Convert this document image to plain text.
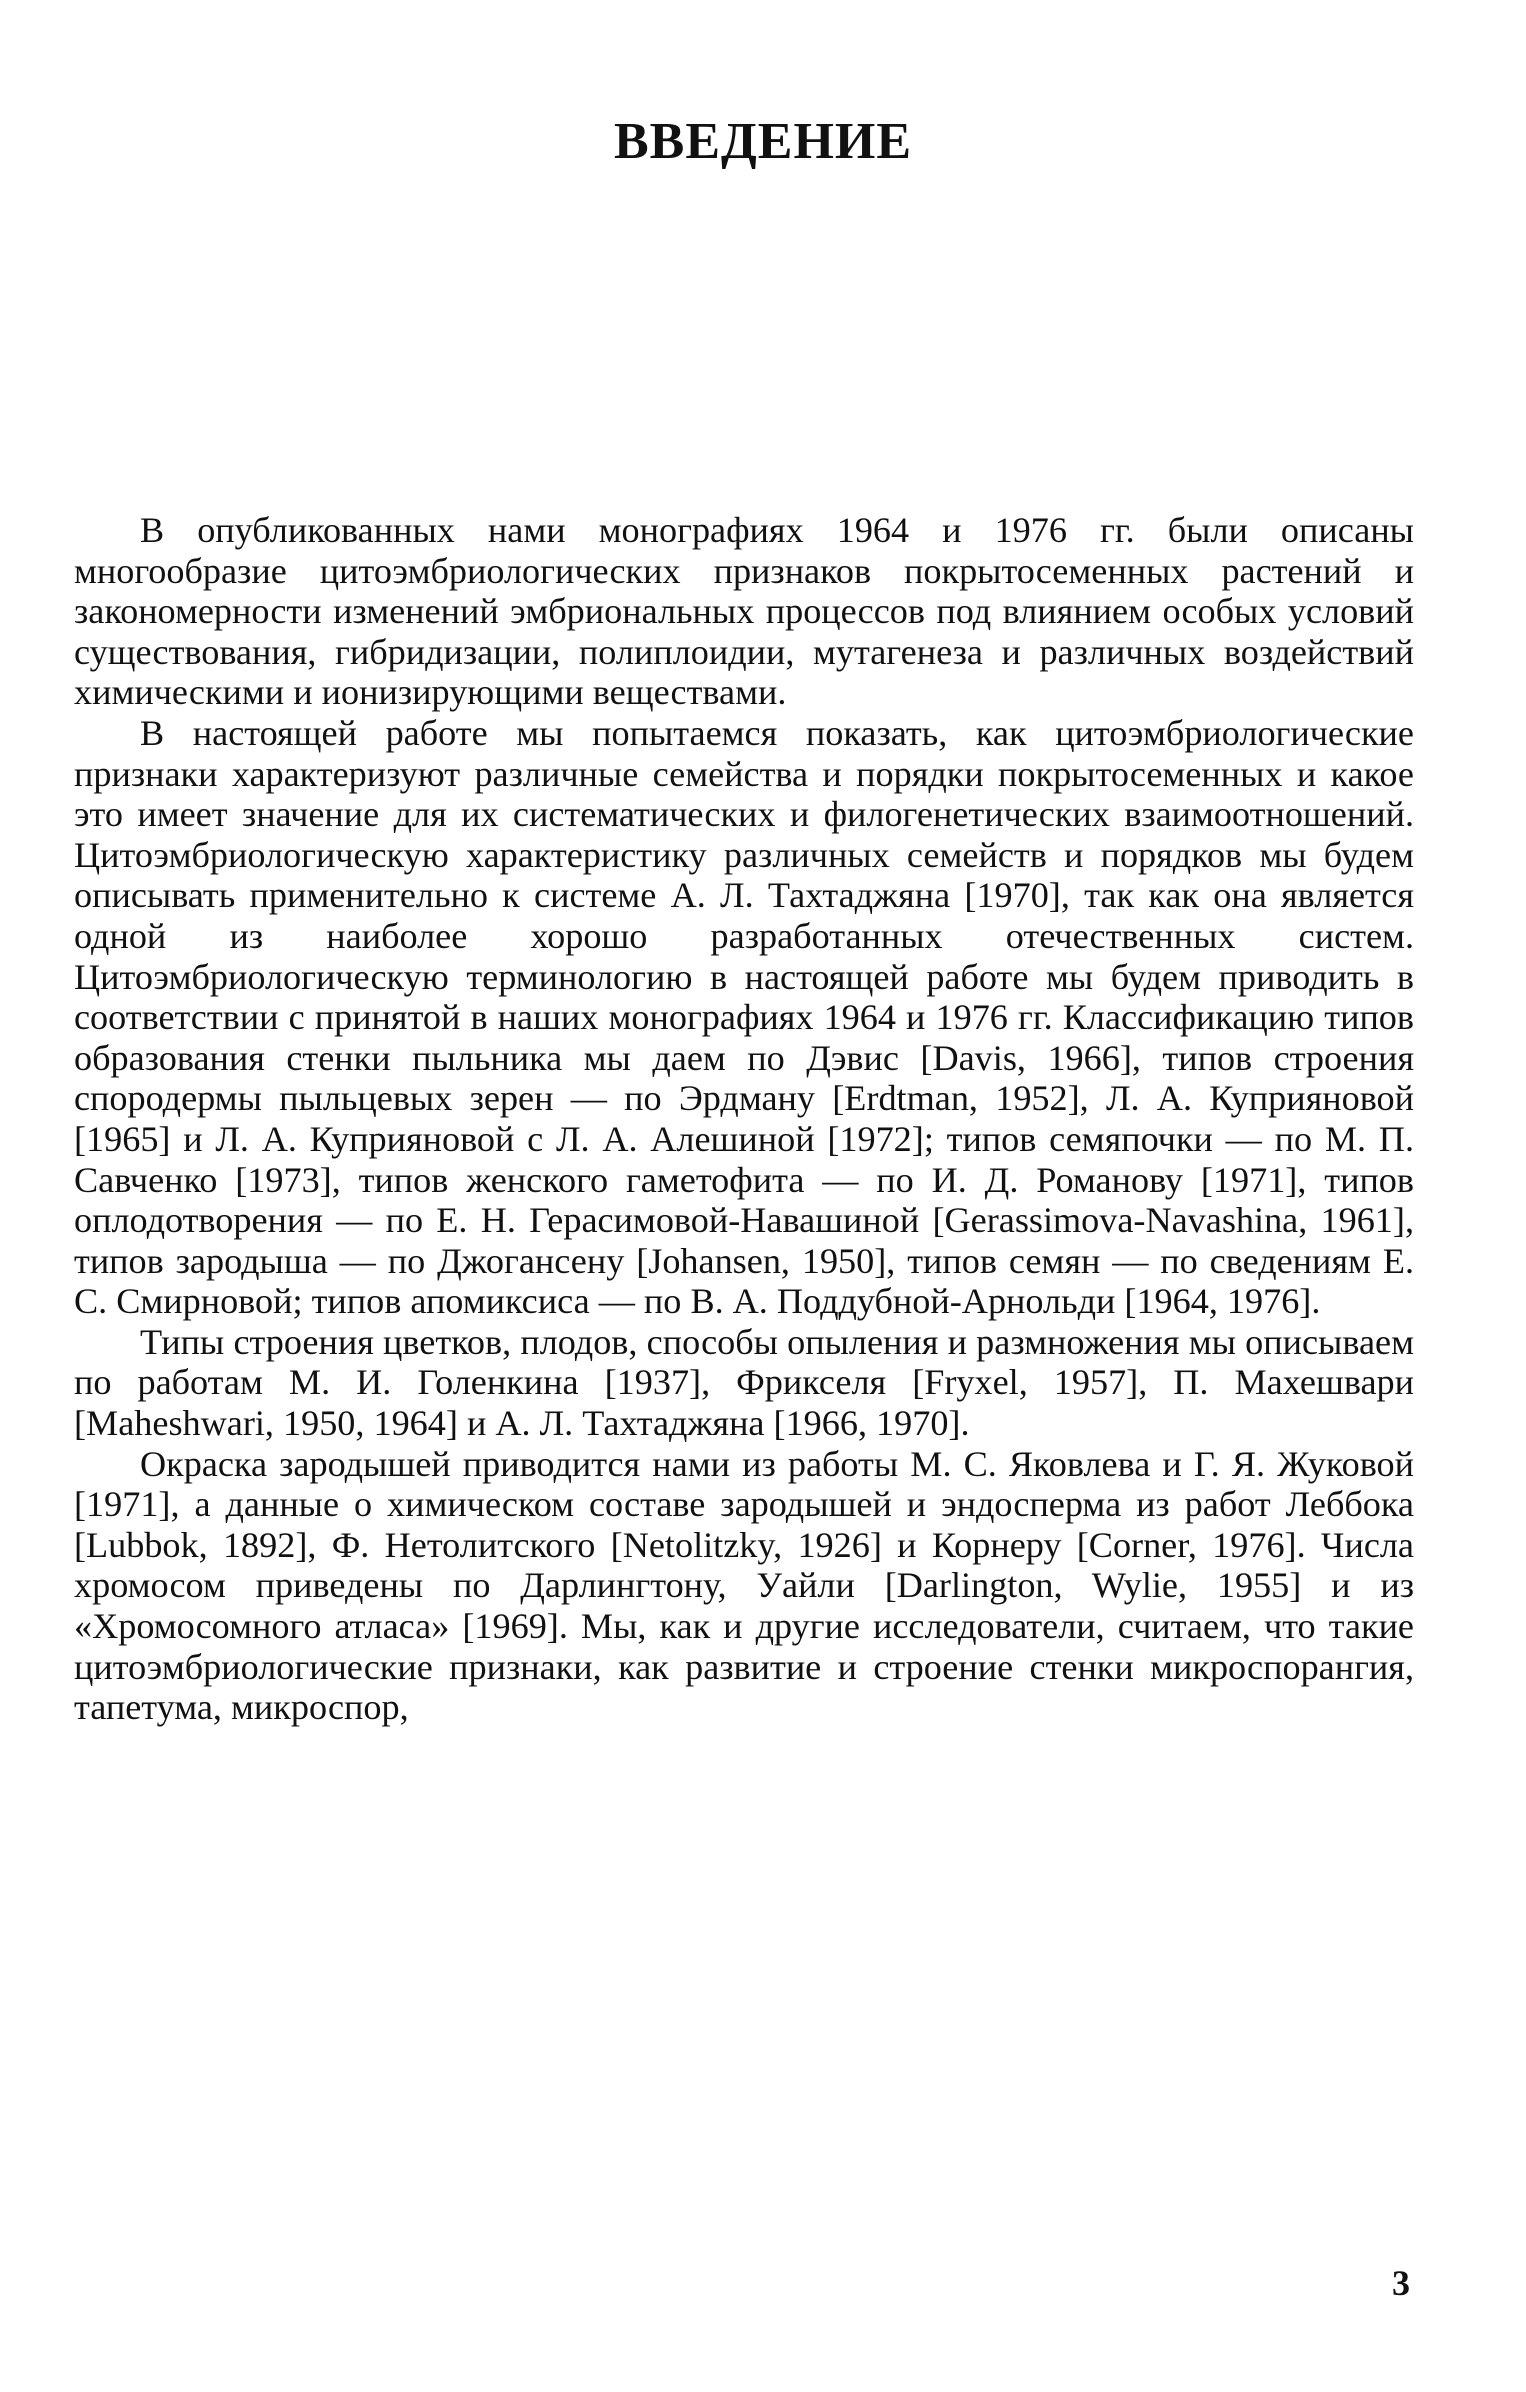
ВВЕДЕНИЕ

В опубликованных нами монографиях 1964 и 1976 гг. были описаны многообразие цитоэмбриологических признаков покрытосеменных растений и закономерности изменений эмбриональных процессов под влиянием особых условий существования, гибридизации, полиплоидии, мутагенеза и различных воздействий химическими и ионизирующими веществами.

В настоящей работе мы попытаемся показать, как цитоэмбриологические признаки характеризуют различные семейства и порядки покрытосеменных и какое это имеет значение для их систематических и филогенетических взаимоотношений. Цитоэмбриологическую характеристику различных семейств и порядков мы будем описывать применительно к системе А. Л. Тахтаджяна [1970], так как она является одной из наиболее хорошо разработанных отечественных систем. Цитоэмбриологическую терминологию в настоящей работе мы будем приводить в соответствии с принятой в наших монографиях 1964 и 1976 гг. Классификацию типов образования стенки пыльника мы даем по Дэвис [Davis, 1966], типов строения спородермы пыльцевых зерен — по Эрдману [Erdtman, 1952], Л. А. Куприяновой [1965] и Л. А. Куприяновой с Л. А. Алешиной [1972]; типов семяпочки — по М. П. Савченко [1973], типов женского гаметофита — по И. Д. Романову [1971], типов оплодотворения — по Е. Н. Герасимовой-Навашиной [Gerassimova-Navashina, 1961], типов зародыша — по Джогансену [Johansen, 1950], типов семян — по сведениям Е. С. Смирновой; типов апомиксиса — по В. А. Поддубной-Арнольди [1964, 1976].

Типы строения цветков, плодов, способы опыления и размножения мы описываем по работам М. И. Голенкина [1937], Фрикселя [Fryxel, 1957], П. Махешвари [Maheshwari, 1950, 1964] и А. Л. Тахтаджяна [1966, 1970].

Окраска зародышей приводится нами из работы М. С. Яковлева и Г. Я. Жуковой [1971], а данные о химическом составе зародышей и эндосперма из работ Леббока [Lubbok, 1892], Ф. Нетолитского [Netolitzky, 1926] и Корнеру [Corner, 1976]. Числа хромосом приведены по Дарлингтону, Уайли [Darlington, Wylie, 1955] и из «Хромосомного атласа» [1969]. Мы, как и другие исследователи, считаем, что такие цитоэмбриологические признаки, как развитие и строение стенки микроспорангия, тапетума, микроспор,

3
